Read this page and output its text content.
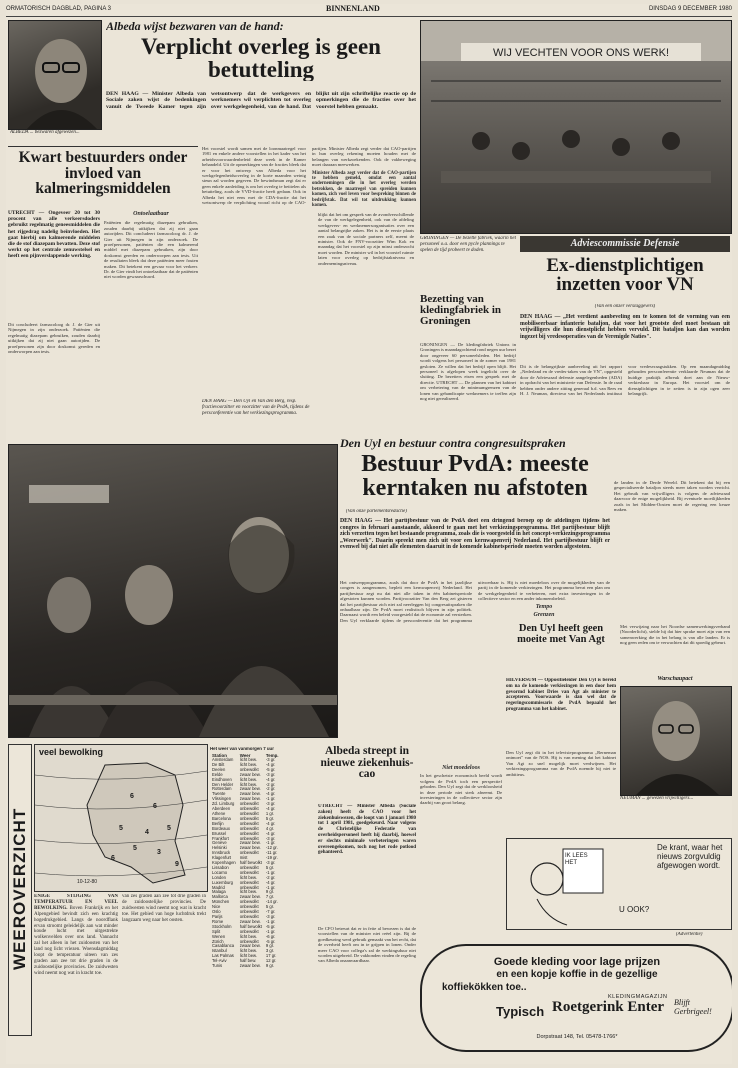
ORMATORISCH DAGBLAD, PAGINA 3	BINNENLAND	DINSDAG 9 DECEMBER 1980
ALBEDA ... bezwaren afgewezen...
Albeda wijst bezwaren van de hand:
Verplicht overleg is geen betutteling
DEN HAAG — Minister Albeda van Sociale zaken wijst de bedenkingen vanuit de Tweede Kamer tegen zijn wetsontwerp dat de werkgevers en werknemers wil verplichten tot overleg over werkgelegenheid, van de hand. Dat blijkt uit zijn schriftelijke reactie op de opmerkingen die de fracties over het voorstel hebben gemaakt.
Het voorstel wordt samen met de loonmaatregel voor 1981 en enkele andere voorstellen in het kader van het arbeidsvoorwaardenbeleid deze week in de Kamer behandeld. Uit de opmerkingen van de fracties bleek dat er voor het ontwerp van Albeda voor het werkgelegenheidsoverleg in de korte maanden weinig steun zal worden gegeven. De bewindsman zegt dat er geen enkele aanleiding is om het overleg te betitelen als betutteling, zoals de VVD-fractie heeft gedaan. Ook in Albeda het niet eens met de CDA-fractie dat het wetsontwerp de verplichting vooral richt op de CAO-partijen. Minister Albeda zegt verder dat CAO-partijen in hun overleg rekening moeten houden met de belangen van werkzoekenden. Ook de vakbeweging moet daaraan meewerken.
Minister Albeda zegt verder dat de CAO-partijen te hebben gemeld, omdat een aantal ondernemingen die in het overleg werden betrokken, de maatregel van spreiden kunnen komen, zich voel leven voor bespreking binnen de bedrijfstak. Dat wil tot uitdrukking kunnen komen.
DEN HAAG — Den Uyl en Van den Berg, resp. fractievoorzitter en voorzitter van de PvdA, tijdens de persconferentie van het verkiezingsprogramma.
Kwart bestuurders onder invloed van kalmeringsmiddelen
UTRECHT — Ongeveer 20 tot 30 procent van alle verkeersdoders gebruikt regelmatig geneesmiddelen die het rijgedrag nadelig beïnvloeden. Het gaat hierbij om kalmerende middelen die de stof diazepam bevatten. Deze stof werkt op het centrale zenuwstelsel en heeft een pijnverslappende werking.
Dit concludeert farmacoloog dr. J. de Gier uit Nijmegen in zijn onderzoek. Patiënten die regelmatig diazepam gebruiken, zouden daarbij uitkijken dat zij niet gaan autorijden. De proefpersonen zijn door doskomst gereden en onderworpen aan tests.
Ontoelaatbaar
Patiënten die regelmatig diazepam gebruiken, zouden daarbij uitkijken dat zij niet gaan autorijden. Dit concludeert farmacoloog dr. J. de Gier uit Nijmegen in zijn onderzoek. De proefpersonen, patiënten die een kalmerend middel met diazepam gebruiken, zijn door doskomst gereden en onderworpen aan tests. Uit de resultaten bleek dat deze patiënten meer fouten maken. Dit betekent een gevaar voor het verkeer. Dr. de Gier vindt het ontoelaatbaar dat de patiënten niet worden gewaarschuwd.
WIJ VECHTEN VOOR ONS WERK!
GRONINGEN — De bezette fabriek, waarin het personeel o.a. door een pycle plannings te spelen de tijd probeert te doden.
Bezetting van kledingfabriek in Groningen
GRONINGEN — De kledingfabriek Unions in Groningen is maandagochtend rond negen uur bezet door ongeveer 60 personeelsleden. Het bedrijf wordt volgens het personeel in de zomer van 1981 gesloten. Ze willen dat het bedrijf open blijft. Het personeel is afgelopen week ingelicht over de sluiting. De bezetters eisen een gesprek met de directie. UTRECHT — De plannen van het kabinet om verbetering van de minimumgrenzen van de lonen van gehandicapte werknemers te treffen zijn nog niet gerealiseerd.
blijkt dat het om gesprek van de avondverschillende de van de werkgelegenheid, ook van de afdeling werkgevers- en werknemersorganisaties over een aantal belangrijke zaken. Het is in de eerste plaats een zaak van de sociale partners zelf, meent de minister. Ook de FNV-voorzitter Wim Kok en maandag dat het voorstel op zijn minst onderzocht moet worden. De minister wil in het voorstel ruimte laten voor overleg op bedrijfstakniveau en ondernemingsniveau.
Adviescommissie Defensie
Ex-dienstplichtigen inzetten voor VN
(Van één onzer verslaggevers)
DEN HAAG — „Het verdient aanbeveling om te komen tot de vorming van een mobiliseerbaar infanterie bataljon, dat voor het grootste deel moet bestaan uit vrijwilligers die hun dienstplicht hebben vervuld. Dit bataljon kan dan worden ingezet bij vredesoperaties van de Verenigde Naties".
Dit is de belangrijkste aanbeveling uit het rapport „Nederland en de vredes-taken van de VN", opgesteld door de Adviesraad defensie aangelegenheden (ADA) in opdracht van het ministerie van Defensie. In de raad hebben onder andere zitting generaal b.d. van Rees en H. J. Neuman, directeur van het Nederlands instituut voor vredesvraagstukken. Op een maandagmiddag gehouden persconferentie verklaarde Neuman dat de huidige praktijk afbreuk doet aan de Nieuw-verkiesbaar in Europa. Het voorstel om de dienstplichtigen in te zetten is in zijn ogen zeer belangrijk.
Den Uyl en bestuur contra congresuitspraken
Bestuur PvdA: meeste kerntaken nu afstoten
(Van onze parlementsredactie)
DEN HAAG — Het partijbestuur van de PvdA doet een dringend beroep op de afdelingen tijdens het congres in februari aanstaande, akkoord te gaan met het verkiezingsprogramma. Het partijbestuur blijft zich verzetten tegen het bestaande programma, zoals die is voorgesteld in het concept-verkiezingsprogramma „Weerwerk". Daarin spreekt men zich uit voor een kernwapenvrij Nederland. Het partijbestuur blijft er evenwel bij dat niet alle elementen daaruit in de komende kabinetsperiode moeten worden afgestoten.
Het ontwerpprogramma, zoals dat door de PvdA in het jaarlijkse congres is aangenomen, bepleit een kernwapenvrij Nederland. Het partijbestuur zegt nu dat niet alle taken in één kabinetsperiode afgestoten kunnen worden. Partijvoorzitter Van den Berg zei gisteren dat het partijbestuur zich niet zal neerleggen bij congresuitspraken die onhaalbaar zijn. De PvdA moet realistisch blijven in zijn politiek. Daarnaast wordt een beleid voorgesteld dat de economie zal versterken. Den Uyl verklaarde tijdens de persconferentie dat het programma uitvoerbaar is. Hij is niet moedeloos over de mogelijkheden van de partij in de komende verkiezingen. Het programma bevat een plan om de werkgelegenheid te verbeteren, met extra investeringen in de collectieve sector en een ander inkomensbeleid.
Tempo
Grenzen
de landen in de Derde Wereld. Dit betekent dat bij een gespecialiseerde bataljon steeds meer taken worden verricht. Het gebruik van vrijwilligers is volgens de adviesraad daarvoor de enige mogelijkheid. Bij eventuele moeilijkheden zoals in het Midden-Oosten moet de regering een keuze maken.
Den Uyl heeft geen moeite met Van Agt
HILVERSUM — Oppositieleider Den Uyl is bereid om na de komende verkiezingen in een door hem gevormd kabinet Dries van Agt als minister te accepteren. Voorwaarde is dan wel dat de regeringscommissaris de PvdA bepaald het programma van het kabinet.
Den Uyl zegt dit in het televisieprogramma „Rerneman ontmoet" van de NOS. Hij is van mening dat het kabinet Van Agt zo snel mogelijk moet verdwijnen. Het verkiezingsprogramma van de PvdA noemde hij niet te ambitieus.
Met verwijzing naar het Noordse samenwerkingsverband (Noorderlicht), stelde hij dat hier sprake moet zijn van een samenwerking die in het belang is van alle landen. Er is nog geen reden om te verwachten dat dit spoedig gebeurt.
Warschaupact
NEUMAN ... gewezen vrijwilligers...
WEEROVERZICHT
veel bewolking
6
6
5
4
5
5
3
9
6
10-12-80
ENIGE STIJGING VAN TEMPERATUUR EN VEEL BEWOLKING. Boven Frankrijk en het Alpengebied bevindt zich een krachtig hogedrukgebied. Langs de noordflank ervan stroomt geleidelijk aan wat minder koude lucht met uitgestrekte wolkenvelden over ons land. Vannacht zal het alleen in het zuidoosten van het land nog licht vriezen. Woensdagmiddag loopt de temperatuur uiteen van zes graden aan zee tot drie graden in de zuidoostelijke provincies. De zuidwesten wind neemt nog wat in kracht toe.
van zes graden aan zee tot drie graden in de zuidoostelijke provincies. De zuidwesten wind neemt nog wat in kracht toe. Het gebied van hoge luchtdruk trekt langzaam weg naar het oosten.
Het weer van vanmorgen 7 uur
Station	Weer	Temp.
Amsterdam	licht bew.	-3 gr.
De Bilt	licht bew.	-4 gr.
Deelen	onbewolkt	-5 gr.
Eelde	zwaar bew.	-3 gr.
Eindhoven	licht bew.	-4 gr.
Den Helder	licht bew.	-2 gr.
Rotterdam	zwaar bew.	-2 gr.
Twente	zwaar bew.	-4 gr.
Vlissingen	zwaar bew.	-1 gr.
Zd. Limburg	onbewolkt	-3 gr.
Aberdeen	onbewolkt	-4 gr.
Athene	onbewolkt	1 gr.
Barcelona	onbewolkt	5 gr.
Berlijn	onbewolkt	-4 gr.
Bordeaux	onbewolkt	4 gr.
Brussel	onbewolkt	-4 gr.
Frankfort	onbewolkt	-3 gr.
Genève	zwaar bew.	-1 gr.
Helsinki	zwaar bew.	-12 gr.
Innsbruck	onbewolkt	-11 gr.
Klagenfurt	mist	-19 gr.
Kopenhagen	half bewolkt	-3 gr.
Lissabon	onbewolkt	5 gr.
Locarno	onbewolkt	-1 gr.
Londen	licht bew.	-2 gr.
Luxemburg	onbewolkt	-4 gr.
Madrid	onbewolkt	-1 gr.
Malaga	licht bew.	9 gr.
Mallorca	zwaar bew.	7 gr.
München	onbewolkt	-14 gr.
Nice	onbewolkt	5 gr.
Oslo	onbewolkt	-7 gr.
Parijs	onbewolkt	-3 gr.
Rome	zwaar bew.	-1 gr.
Stockholm	half bewolkt	-5 gr.
Split	onbewolkt	-1 gr.
Wenen	licht bew.	-6 gr.
Zürich	onbewolkt	-5 gr.
Casablanca	zwaar bew.	9 gr.
Istanbul	licht bew.	3 gr.
Las Palmas	licht bew.	17 gr.
Tel-Aviv	half bew.	12 gr.
Tunis	zwaar bew.	9 gr.
Albeda streept in nieuwe ziekenhuis-cao
UTRECHT — Minister Albeda (Sociale zaken) heeft de CAO voor het ziekenhuiswezen, die loopt van 1 januari 1980 tot 1 april 1981, goedgekeurd. Naar volgens de Christelijke Federatie van overheidspersoneel heeft hij daarbij, hoewel er slechts minimale verbeteringen waren overeengekomen, toch nog het rode potlood gehanteerd.
De CFO betreurt dat er in feite al bewezen is dat de voorstellen van de minister niet reëel zijn. Bij de goedkeuring werd gebruik gemaakt van het recht, dat de overheid heeft om in te grijpen in lonen. Onder meer CAO voor collega's zal de werkingsduur niet worden uitgebreid. De vakbonden vinden de regeling van Albeda onaanvaardbaar.
Niet moedeloos
In het geschetste economisch beeld wordt volgens de PvdA toch een perspectief geboden. Den Uyl zegt dat de werkloosheid in deze periode niet sterk afneemt. De investeringen in de collectieve sector zijn daarbij van groot belang.
IK LEES HET
De krant, waar het nieuws zorgvuldig afgewogen wordt.
U OOK?
(Advertentie)
Goede kleding voor lage prijzen
en een kopje koffie in de gezellige
koffiekökken toe..
KLEDINGMAGAZIJN
Typisch Roetgerink Enter	Blijft Gerbrigeel!
Dorpstraat 148, Tel. 05478-1766*
